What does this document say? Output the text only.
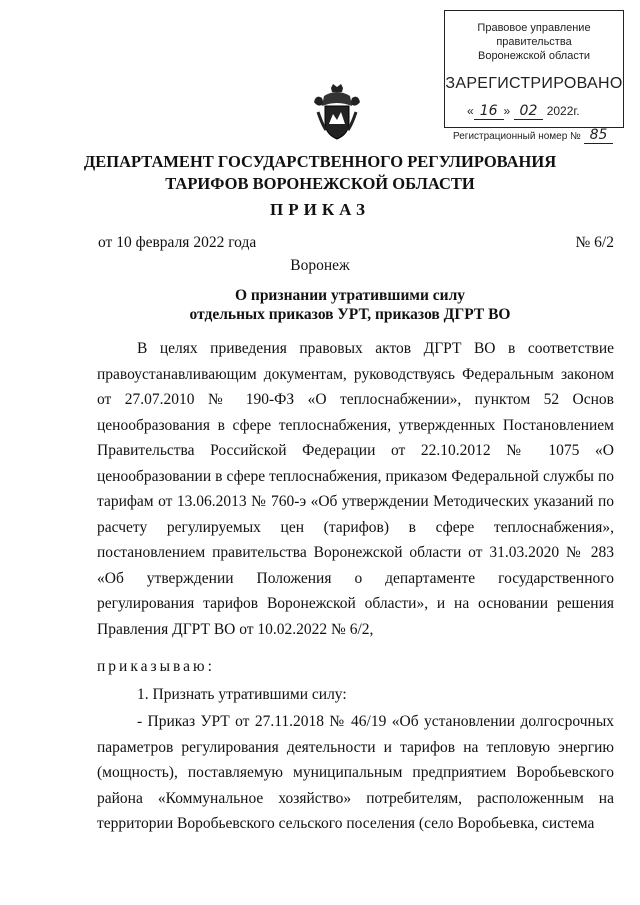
Правовое управление правительства
Воронежской области
ЗАРЕГИСТРИРОВАНО
« 16 » 02 2022г.
Регистрационный номер № 85
ДЕПАРТАМЕНТ ГОСУДАРСТВЕННОГО РЕГУЛИРОВАНИЯ
ТАРИФОВ ВОРОНЕЖСКОЙ ОБЛАСТИ
ПРИКАЗ
от 10 февраля 2022 года	№ 6/2
Воронеж
О признании утратившими силу
отдельных приказов УРТ, приказов ДГРТ ВО

В целях приведения правовых актов ДГРТ ВО в соответствие правоустанавливающим документам, руководствуясь Федеральным законом от 27.07.2010 № 190-ФЗ «О теплоснабжении», пунктом 52 Основ ценообразования в сфере теплоснабжения, утвержденных Постановлением Правительства Российской Федерации от 22.10.2012 № 1075 «О ценообразовании в сфере теплоснабжения, приказом Федеральной службы по тарифам от 13.06.2013 № 760-э «Об утверждении Методических указаний по расчету регулируемых цен (тарифов) в сфере теплоснабжения», постановлением правительства Воронежской области от 31.03.2020 № 283 «Об утверждении Положения о департаменте государственного регулирования тарифов Воронежской области», и на основании решения Правления ДГРТ ВО от 10.02.2022 № 6/2,

приказываю:

1. Признать утратившими силу:

- Приказ УРТ от 27.11.2018 № 46/19 «Об установлении долгосрочных параметров регулирования деятельности и тарифов на тепловую энергию (мощность), поставляемую муниципальным предприятием Воробьевского района «Коммунальное хозяйство» потребителям, расположенным на территории Воробьевского сельского поселения (село Воробьевка, система
